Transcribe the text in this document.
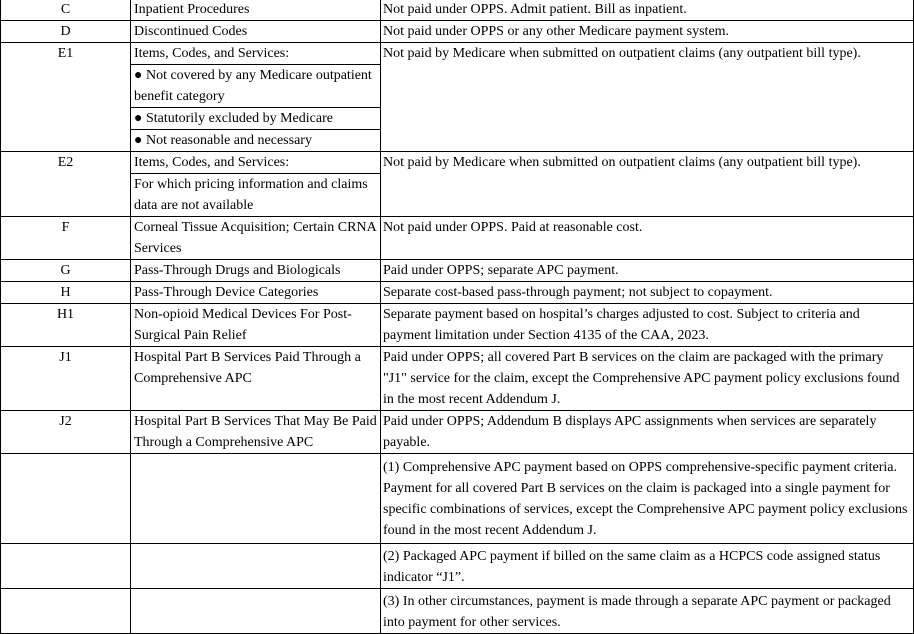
C	Inpatient Procedures	Not paid under OPPS. Admit patient. Bill as inpatient.
D	Discontinued Codes	Not paid under OPPS or any other Medicare payment system.
E1	Items, Codes, and Services:	Not paid by Medicare when submitted on outpatient claims (any outpatient bill type).
	● Not covered by any Medicare outpatient benefit category	
	● Statutorily excluded by Medicare	
	● Not reasonable and necessary	
E2	Items, Codes, and Services:	Not paid by Medicare when submitted on outpatient claims (any outpatient bill type).
	For which pricing information and claims data are not available	
F	Corneal Tissue Acquisition; Certain CRNA Services	Not paid under OPPS. Paid at reasonable cost.
G	Pass-Through Drugs and Biologicals	Paid under OPPS; separate APC payment.
H	Pass-Through Device Categories	Separate cost-based pass-through payment; not subject to copayment.
H1	Non-opioid Medical Devices For Post-Surgical Pain Relief	Separate payment based on hospital’s charges adjusted to cost. Subject to criteria and payment limitation under Section 4135 of the CAA, 2023.
J1	Hospital Part B Services Paid Through a Comprehensive APC	Paid under OPPS; all covered Part B services on the claim are packaged with the primary "J1" service for the claim, except the Comprehensive APC payment policy exclusions found in the most recent Addendum J.
J2	Hospital Part B Services That May Be Paid Through a Comprehensive APC	Paid under OPPS; Addendum B displays APC assignments when services are separately payable.
		(1) Comprehensive APC payment based on OPPS comprehensive-specific payment criteria. Payment for all covered Part B services on the claim is packaged into a single payment for specific combinations of services, except the Comprehensive APC payment policy exclusions found in the most recent Addendum J.
		(2) Packaged APC payment if billed on the same claim as a HCPCS code assigned status indicator “J1”.
		(3) In other circumstances, payment is made through a separate APC payment or packaged into payment for other services.
